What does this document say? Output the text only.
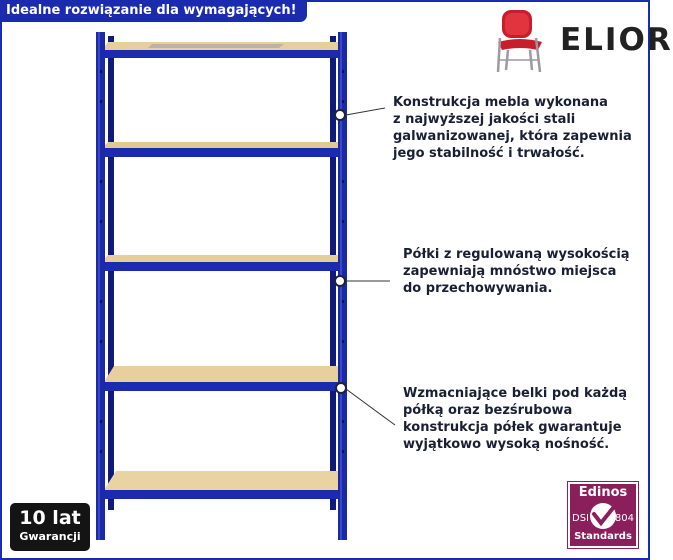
Idealne rozwiązanie dla wymagających!
ELIOR
Konstrukcja mebla wykonana
z najwyższej jakości stali
galwanizowanej, która zapewnia
jego stabilność i trwałość.
Półki z regulowaną wysokością
zapewniają mnóstwo miejsca
do przechowywania.
Wzmacniające belki pod każdą
półką oraz bezśrubowa
konstrukcja półek gwarantuje
wyjątkowo wysoką nośność.
10 lat
Gwarancji
Edinos
DSI	804
Standards
